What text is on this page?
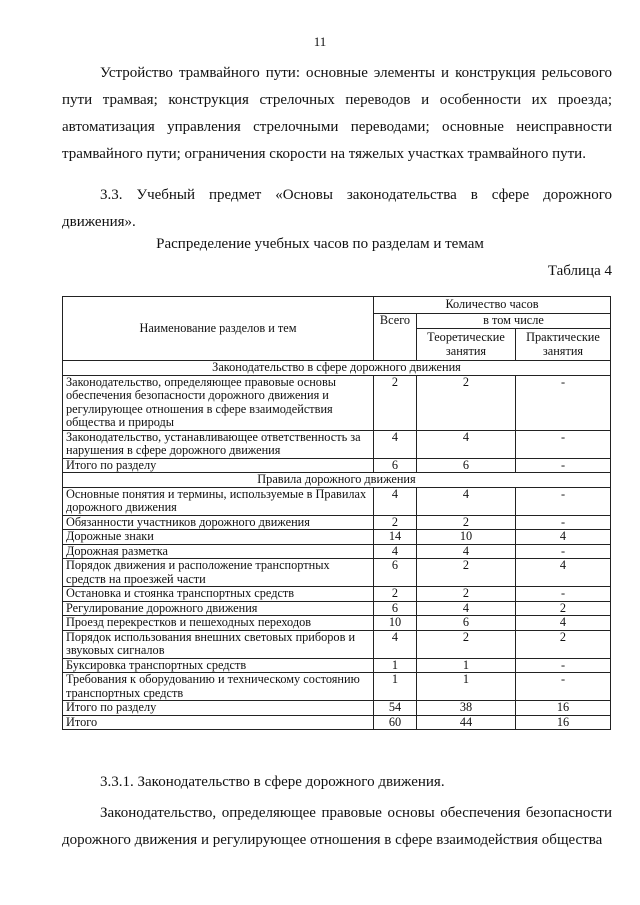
11

Устройство трамвайного пути: основные элементы и конструкция рельсового пути трамвая; конструкция стрелочных переводов и особенности их проезда; автоматизация управления стрелочными переводами; основные неисправности трамвайного пути; ограничения скорости на тяжелых участках трамвайного пути.

3.3. Учебный предмет «Основы законодательства в сфере дорожного движения».

Распределение учебных часов по разделам и темам
Таблица 4
Наименование разделов и тем	Количество часов		
	Всего	в том числе	
		Теоретические занятия	Практические занятия
Законодательство в сфере дорожного движения			
Законодательство, определяющее правовые основы обеспечения безопасности дорожного движения и регулирующее отношения в сфере взаимодействия общества и природы	2	2	-
Законодательство, устанавливающее ответственность за нарушения в сфере дорожного движения	4	4	-
Итого по разделу	6	6	-
Правила дорожного движения			
Основные понятия и термины, используемые в Правилах дорожного движения	4	4	-
Обязанности участников дорожного движения	2	2	-
Дорожные знаки	14	10	4
Дорожная разметка	4	4	-
Порядок движения и расположение транспортных средств на проезжей части	6	2	4
Остановка и стоянка транспортных средств	2	2	-
Регулирование дорожного движения	6	4	2
Проезд перекрестков и пешеходных переходов	10	6	4
Порядок использования внешних световых приборов и звуковых сигналов	4	2	2
Буксировка транспортных средств	1	1	-
Требования к оборудованию и техническому состоянию транспортных средств	1	1	-
Итого по разделу	54	38	16
Итого	60	44	16

3.3.1. Законодательство в сфере дорожного движения.

Законодательство, определяющее правовые основы обеспечения безопасности дорожного движения и регулирующее отношения в сфере взаимодействия общества
